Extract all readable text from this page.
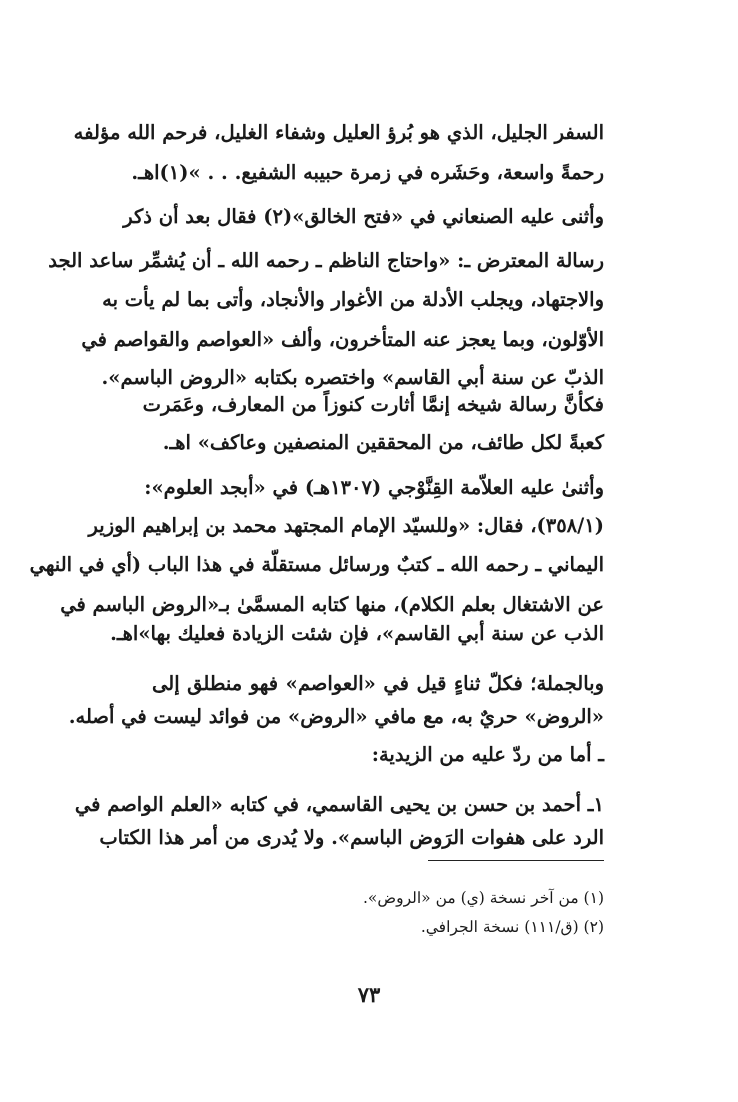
السفر الجليل، الذي هو بُرؤ العليل وشفاء الغليل، فرحم الله مؤلفه
رحمةً واسعة، وحَشَره في زمرة حبيبه الشفيع. . . »(١)اهـ.
وأثنى عليه الصنعاني في «فتح الخالق»(٢) فقال بعد أن ذكر
رسالة المعترض ـ: «واحتاج الناظم ـ رحمه الله ـ أن يُشمِّر ساعد الجد
والاجتهاد، ويجلب الأدلة من الأغوار والأنجاد، وأتى بما لم يأت به
الأوّلون، وبما يعجز عنه المتأخرون، وألف «العواصم والقواصم في
الذبّ عن سنة أبي القاسم» واختصره بكتابه «الروض الباسم».
فكأنَّ رسالة شيخه إنمَّا أثارت كنوزاً من المعارف، وعَمَرت
كعبةً لكل طائف، من المحققين المنصفين وعاكف» اهـ.
وأثنىٰ عليه العلاّمة القِنَّوْجي (١٣٠٧هـ) في «أبجد العلوم»:
(٣٥٨/١)، فقال: «وللسيّد الإمام المجتهد محمد بن إبراهيم الوزير
اليماني ـ رحمه الله ـ كتبٌ ورسائل مستقلّة في هذا الباب (أي في النهي
عن الاشتغال بعلم الكلام)، منها كتابه المسمَّىٰ بـ«الروض الباسم في
الذب عن سنة أبي القاسم»، فإن شئت الزيادة فعليك بها»اهـ.
وبالجملة؛ فكلّ ثناءٍ قيل في «العواصم» فهو منطلق إلى
«الروض» حريٌ به، مع مافي «الروض» من فوائد ليست في أصله.
ـ أما من ردّ عليه من الزيدية:
١ـ أحمد بن حسن بن يحيى القاسمي، في كتابه «العلم الواصم في
الرد على هفوات الرَوض الباسم». ولا يُدرى من أمر هذا الكتاب
(١) من آخر نسخة (ي) من «الروض».
(٢) (ق/١١١) نسخة الجرافي.
٧٣
